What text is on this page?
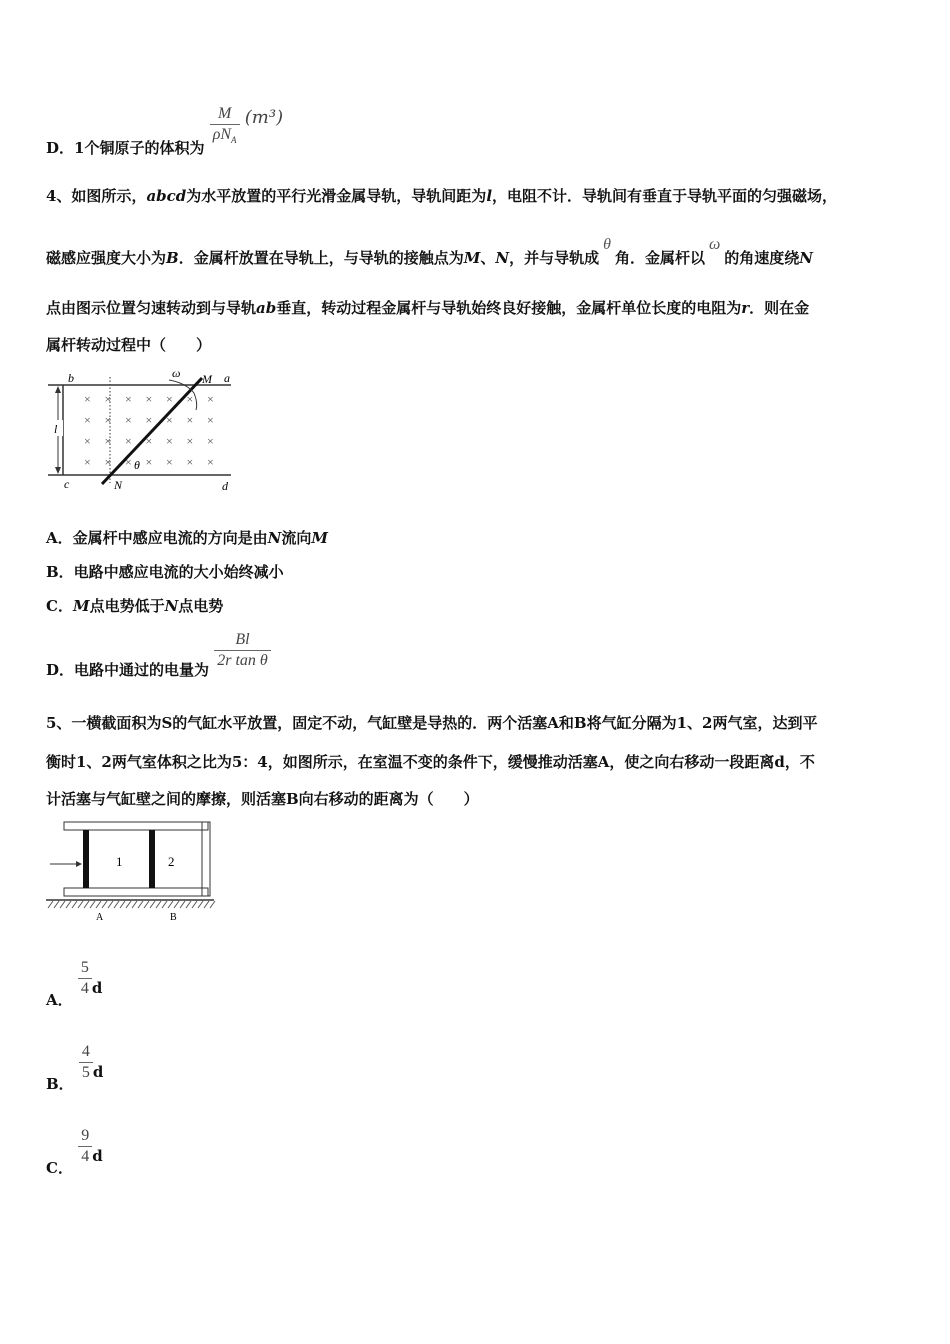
D．1个铜原子的体积为 $\frac{M}{\rho N_A} (m^3)$
4、如图所示，abcd为水平放置的平行光滑金属导轨，导轨间距为l，电阻不计．导轨间有垂直于导轨平面的匀强磁场，
磁感应强度大小为B．金属杆放置在导轨上，与导轨的接触点为M、N，并与导轨成θ角．金属杆以ω的角速度绕N
点由图示位置匀速转动到与导轨ab垂直，转动过程金属杆与导轨始终良好接触，金属杆单位长度的电阻为r．则在金
属杆转动过程中（　　）
× × × × × × ×
× × × × × × ×
× × × × × × ×
× × × × × × ×
b	a
c	d
l
M
N
ω
θ
A．金属杆中感应电流的方向是由N流向M
B．电路中感应电流的大小始终减小
C．M点电势低于N点电势
D．电路中通过的电量为 $\frac{Bl}{\text{2r tan θ}}$
5、一横截面积为S的气缸水平放置，固定不动，气缸壁是导热的．两个活塞A和B将气缸分隔为1、2两气室，达到平
衡时1、2两气室体积之比为5：4，如图所示，在室温不变的条件下，缓慢推动活塞A，使之向右移动一段距离d，不
计活塞与气缸壁之间的摩擦，则活塞B向右移动的距离为（　　）
1	2
A	B
A．
$\frac{5}{4}$ d
B．
$\frac{4}{5}$ d
C．
$\frac{9}{4}$ d
